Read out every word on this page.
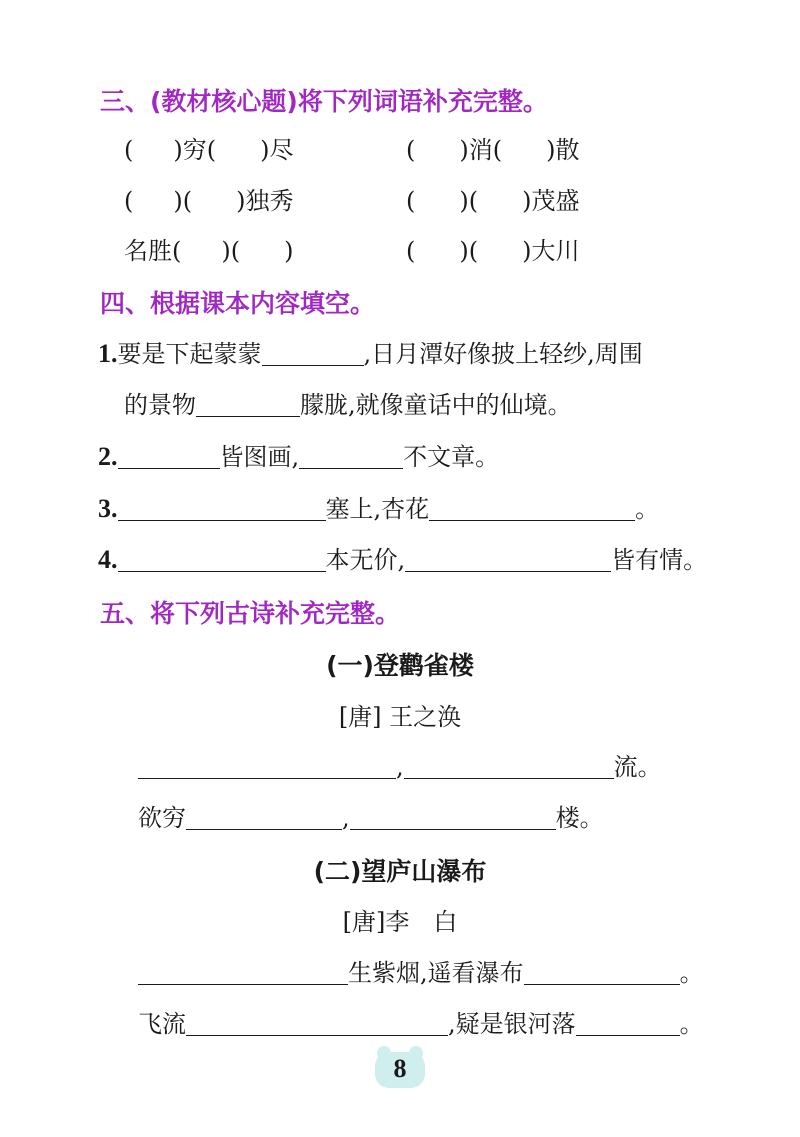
三、(教材核心题)将下列词语补充完整。
( )穷( )尽	( )消( )散
( )( )独秀	( )( )茂盛
名胜( )( )	( )( )大川
四、根据课本内容填空。
1.要是下起蒙蒙	,日月潭好像披上轻纱,周围
的景物	朦胧,就像童话中的仙境。
2.	皆图画,	不文章。
3.	塞上,杏花	。
4.	本无价,	皆有情。
五、将下列古诗补充完整。
(一)登鹳雀楼
[唐] 王之涣
,	流。
欲穷	,	楼。
(二)望庐山瀑布
[唐]李　白
生紫烟,遥看瀑布	。
飞流	,疑是银河落	。
8
